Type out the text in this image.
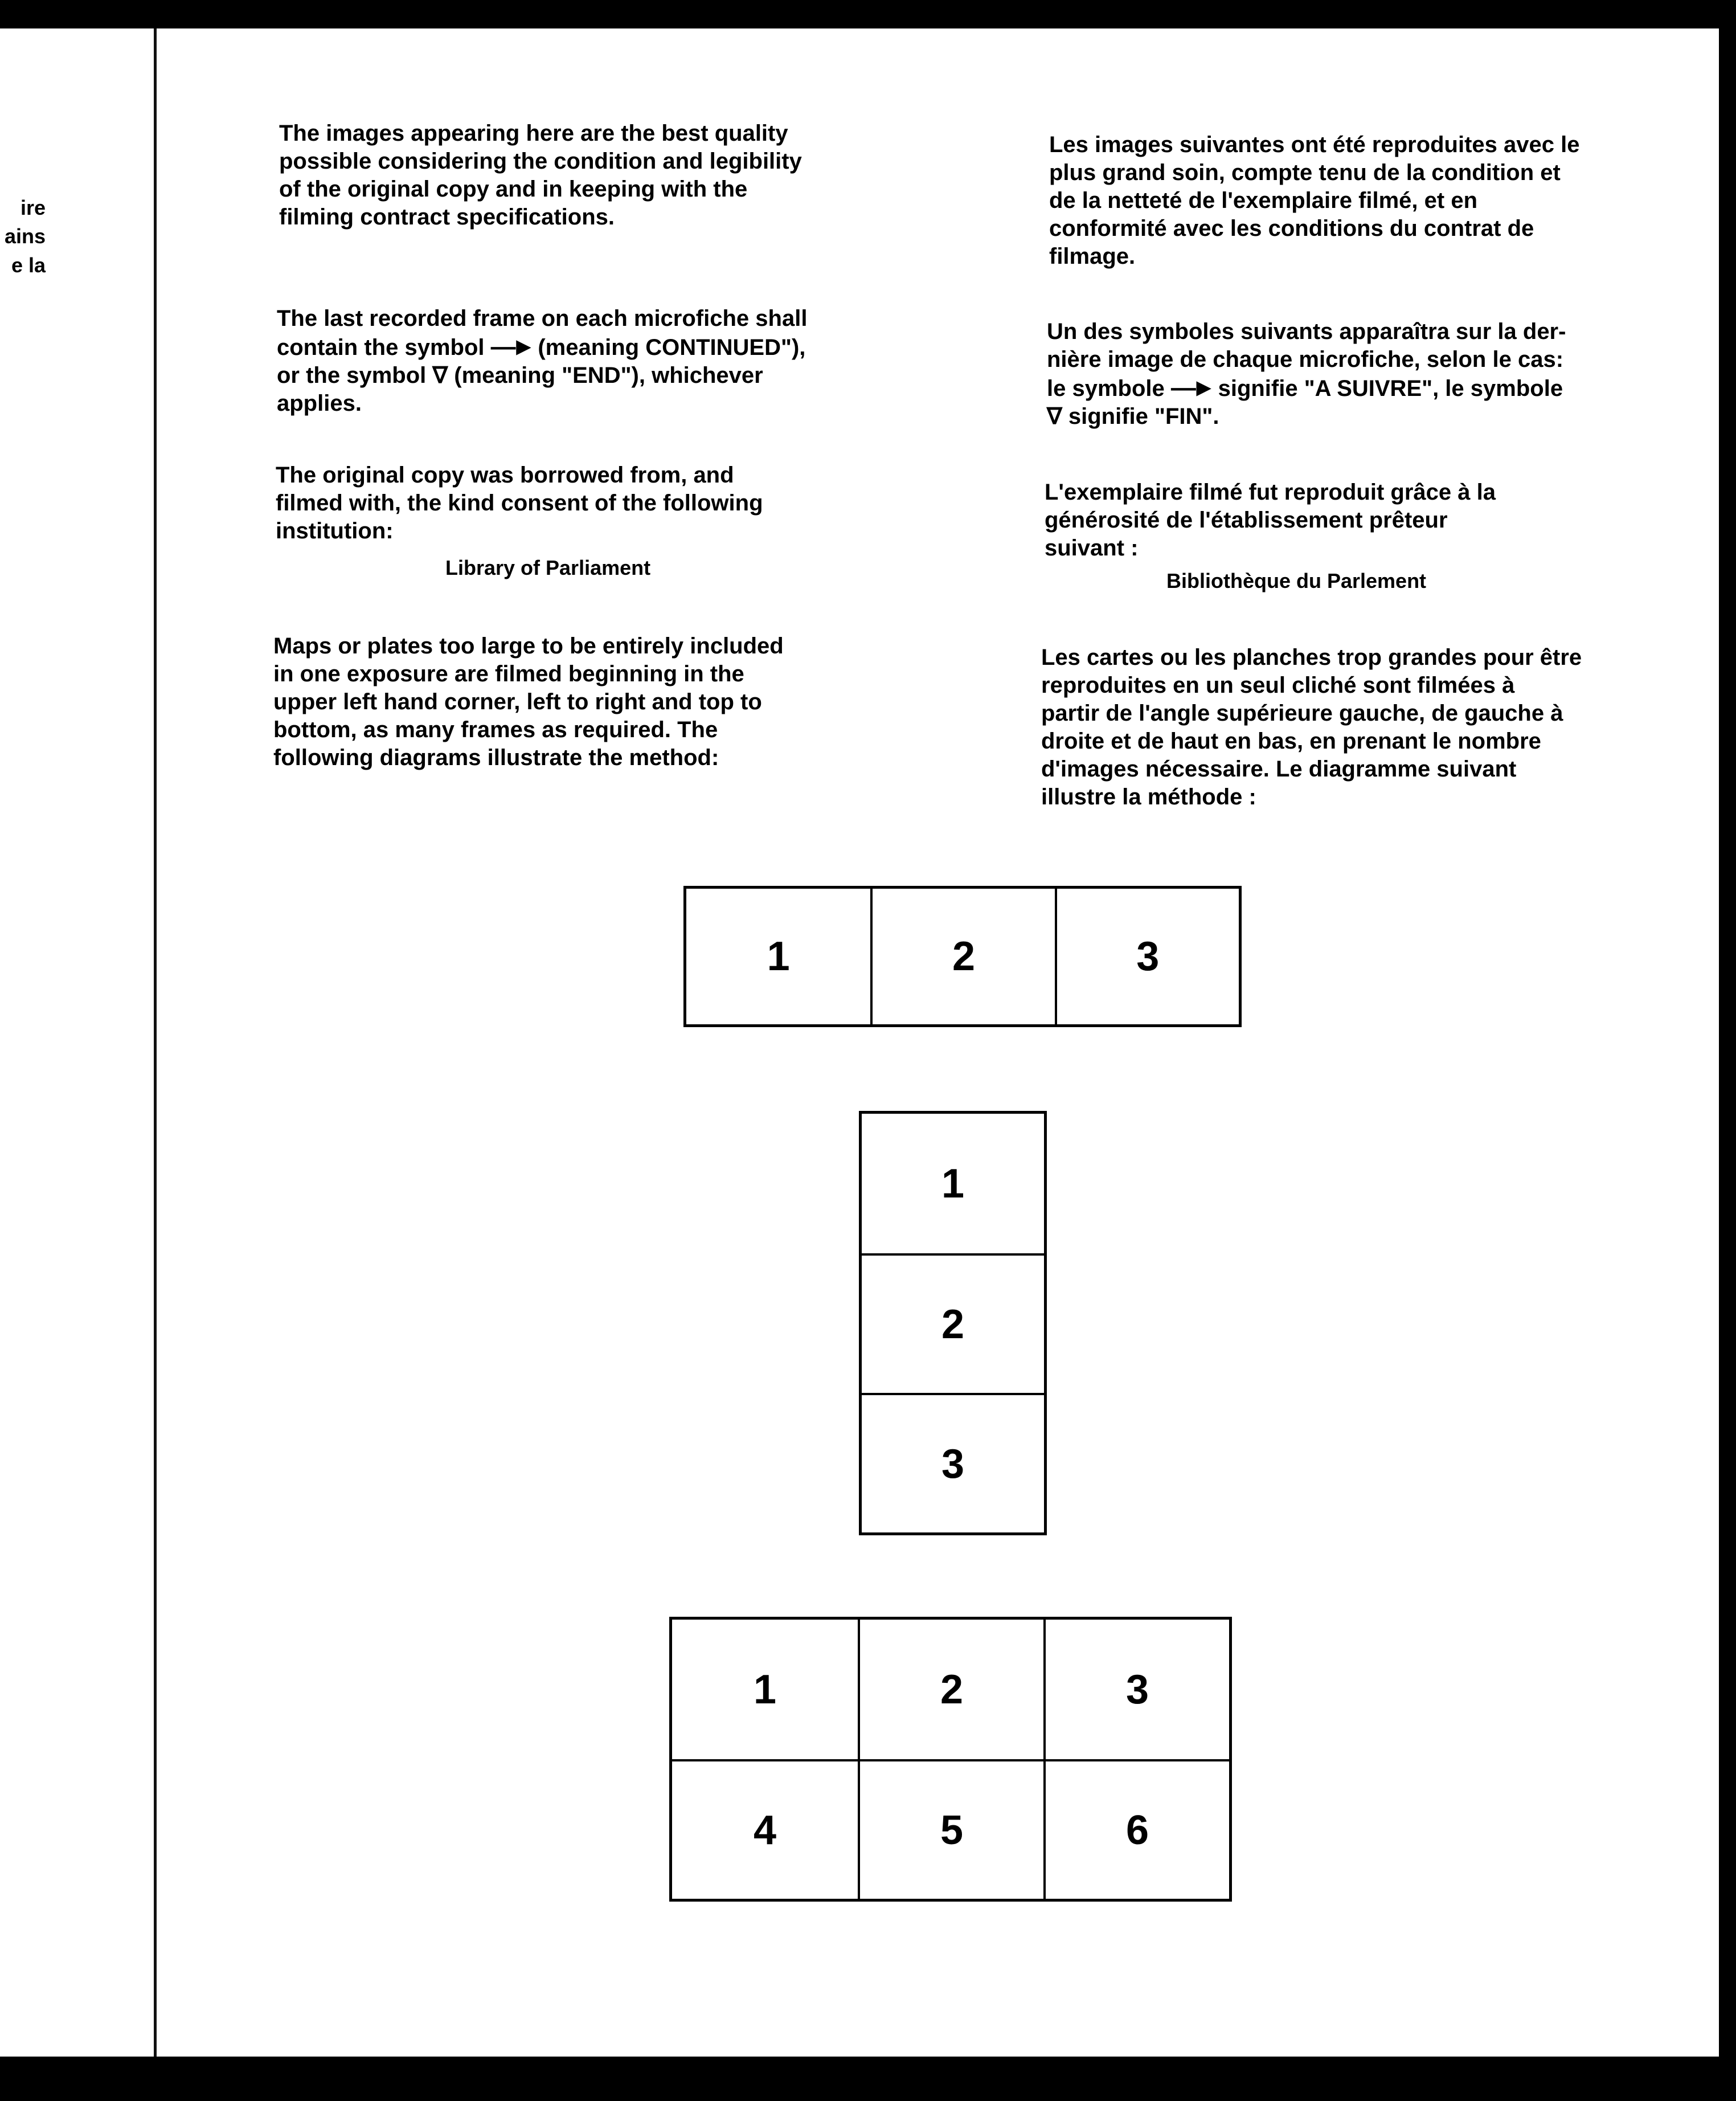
ire
ains
e la
The images appearing here are the best quality
possible considering the condition and legibility
of the original copy and in keeping with the
filming contract specifications.
The last recorded frame on each microfiche shall
contain the symbol —► (meaning CONTINUED"),
or the symbol ∇ (meaning "END"), whichever
applies.
The original copy was borrowed from, and
filmed with, the kind consent of the following
institution:
Library of Parliament
Maps or plates too large to be entirely included
in one exposure are filmed beginning in the
upper left hand corner, left to right and top to
bottom, as many frames as required. The
following diagrams illustrate the method:
Les images suivantes ont été reproduites avec le
plus grand soin, compte tenu de la condition et
de la netteté de l'exemplaire filmé, et en
conformité avec les conditions du contrat de
filmage.
Un des symboles suivants apparaîtra sur la der-
nière image de chaque microfiche, selon le cas:
le symbole —► signifie "A SUIVRE", le symbole
∇ signifie "FIN".
L'exemplaire filmé fut reproduit grâce à la
générosité de l'établissement prêteur
suivant :
Bibliothèque du Parlement
Les cartes ou les planches trop grandes pour être
reproduites en un seul cliché sont filmées à
partir de l'angle supérieure gauche, de gauche à
droite et de haut en bas, en prenant le nombre
d'images nécessaire. Le diagramme suivant
illustre la méthode :
1	2	3
1
2
3
1	2	3
4	5	6
